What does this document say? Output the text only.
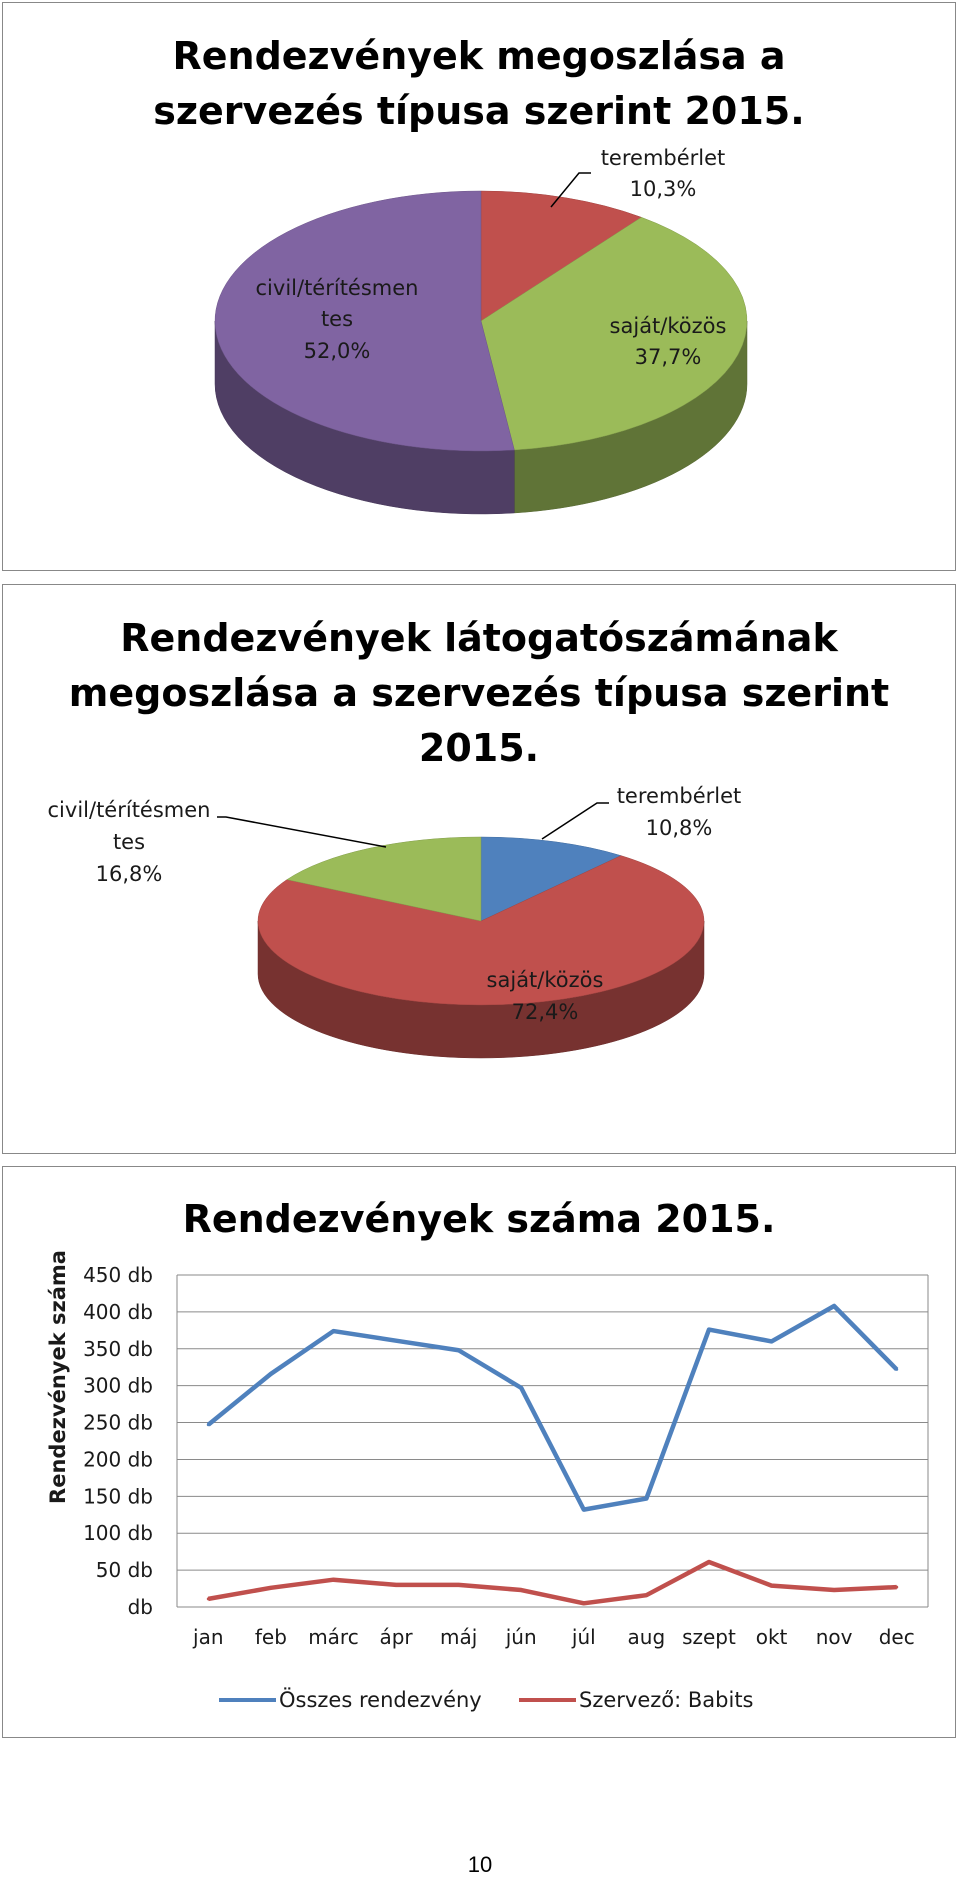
Rendezvények megoszlása a
szervezés típusa szerint 2015.
terembérlet
10,3%
saját/közös
37,7%
civil/térítésmen
tes
52,0%
Rendezvények látogatószámának
megoszlása a szervezés típusa szerint
2015.
terembérlet
10,8%
saját/közös
72,4%
civil/térítésmen
tes
16,8%
Rendezvények száma 2015.
Rendezvények száma
db
50 db
100 db
150 db
200 db
250 db
300 db
350 db
400 db
450 db
jan feb márc ápr máj jún júl aug szept okt nov dec
Összes rendezvény	Szervező: Babits
10
